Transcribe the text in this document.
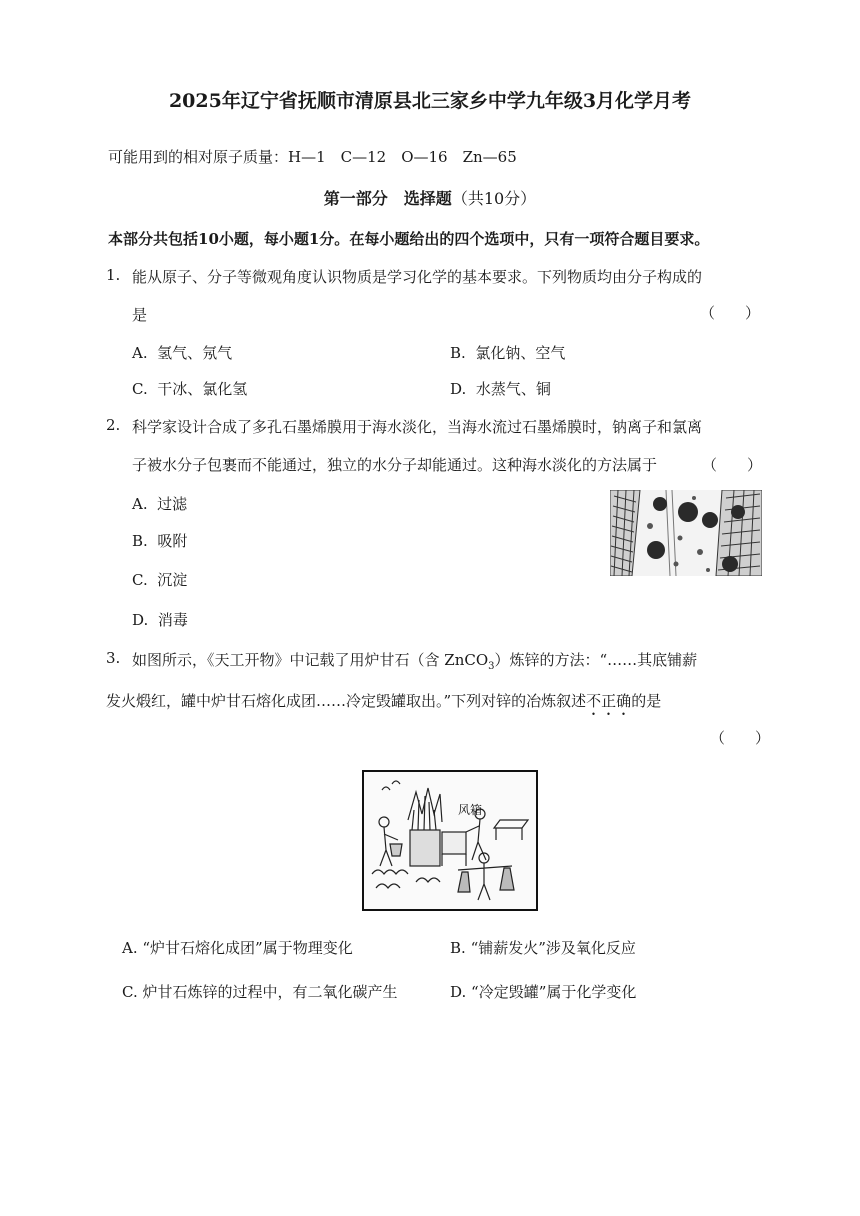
2025年辽宁省抚顺市清原县北三家乡中学九年级3月化学月考
可能用到的相对原子质量：H—1　C—12　O—16　Zn—65
第一部分　选择题（共10分）
本部分共包括10小题，每小题1分。在每小题给出的四个选项中，只有一项符合题目要求。
1. 能从原子、分子等微观角度认识物质是学习化学的基本要求。下列物质均由分子构成的
是	（　　）
A. 氢气、氖气	B. 氯化钠、空气
C. 干冰、氯化氢	D. 水蒸气、铜
2. 科学家设计合成了多孔石墨烯膜用于海水淡化，当海水流过石墨烯膜时，钠离子和氯离
子被水分子包裹而不能通过，独立的水分子却能通过。这种海水淡化的方法属于	（　　）
A. 过滤
B. 吸附
C. 沉淀
D. 消毒
3. 如图所示，《天工开物》中记载了用炉甘石（含 ZnCO$_3$）炼锌的方法：“……其底铺薪
发火煅红，罐中炉甘石熔化成团……冷定毁罐取出。”下列对锌的冶炼叙述不正确的是
（　　）
风箱
A. “炉甘石熔化成团”属于物理变化	B. “铺薪发火”涉及氧化反应
C. 炉甘石炼锌的过程中，有二氧化碳产生	D. “冷定毁罐”属于化学变化
